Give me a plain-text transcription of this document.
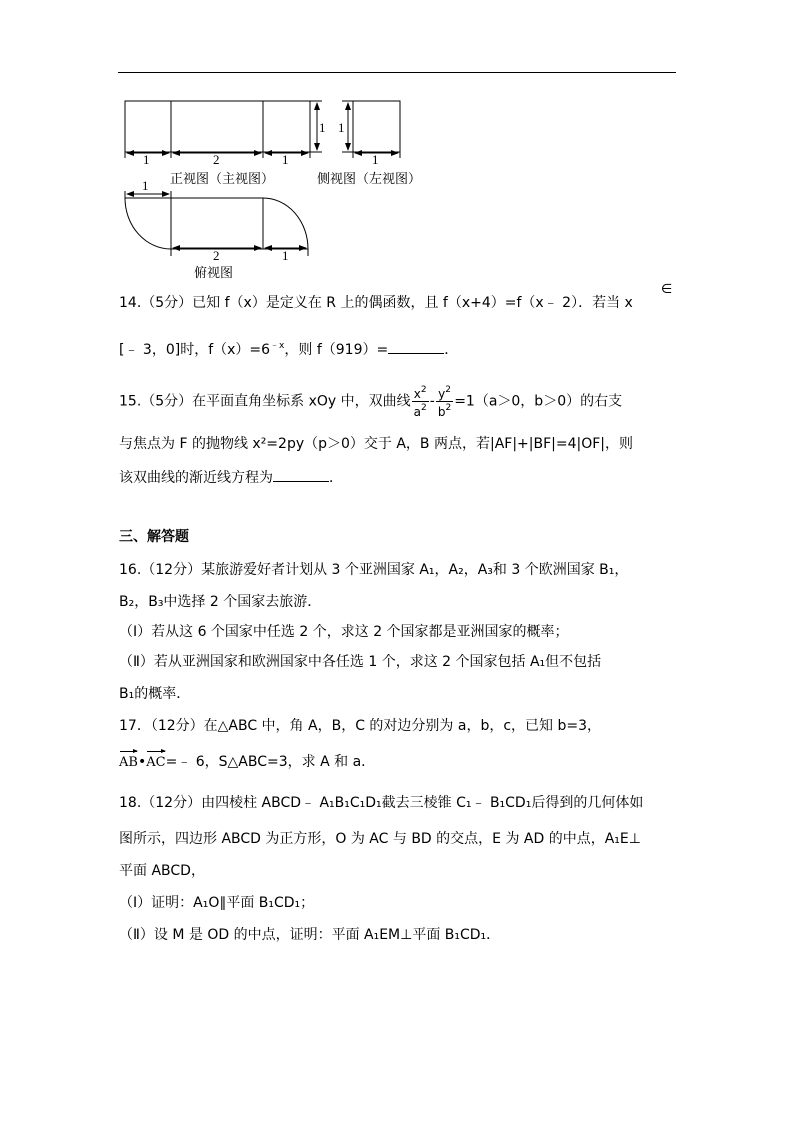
1	2	1
1 1
1
1
2	1
正视图（主视图）	侧视图（左视图）
俯视图
14.（5分）已知 f（x）是定义在 R 上的偶函数，且 f（x+4）=f（x﹣ 2）．若当 x
∈
[﹣ 3，0]时，$f(x)=6^{﹣x}$，则 f（919）=	．
15.（5分）在平面直角坐标系 xOy 中，双曲线 $\frac{x^2}{a^2} - \frac{y^2}{b^2} =1(a>0$，b＞0）的右支
与焦点为 F 的抛物线 x²=2py（p＞0）交于 A，B 两点，若|AF|+|BF|=4|OF|，则
该双曲线的渐近线方程为	．
三、解答题
16.（12分）某旅游爱好者计划从 3 个亚洲国家 A₁，A₂，A₃和 3 个欧洲国家 B₁，
B₂，B₃中选择 2 个国家去旅游．
（Ⅰ）若从这 6 个国家中任选 2 个，求这 2 个国家都是亚洲国家的概率；
（Ⅱ）若从亚洲国家和欧洲国家中各任选 1 个，求这 2 个国家包括 A₁但不包括
B₁的概率．
17．（12分）在△ABC 中，角 A，B，C 的对边分别为 a，b，c，已知 b=3，
AB•AC=﹣ 6，S△ABC=3，求 A 和 a．
18.（12分）由四棱柱 ABCD﹣ A₁B₁C₁D₁截去三棱锥 C₁﹣ B₁CD₁后得到的几何体如
图所示，四边形 ABCD 为正方形，O 为 AC 与 BD 的交点，E 为 AD 的中点，A₁E⊥
平面 ABCD，
（Ⅰ）证明：A₁O∥平面 B₁CD₁；
（Ⅱ）设 M 是 OD 的中点，证明：平面 A₁EM⊥平面 B₁CD₁．
